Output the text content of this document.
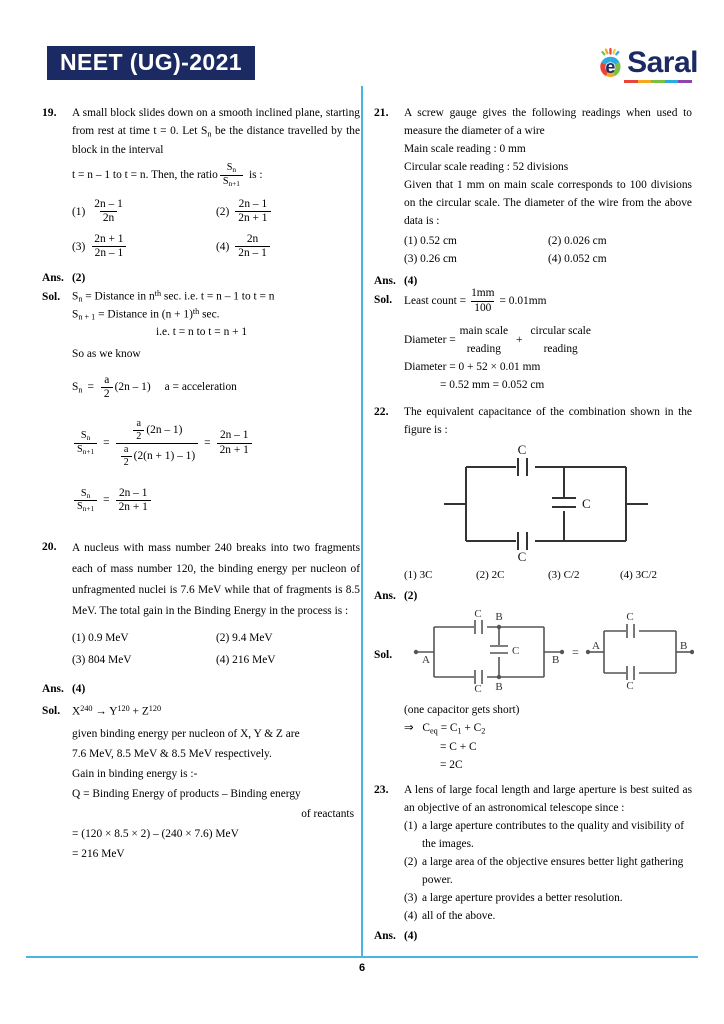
NEET (UG)-2021	e Saral
6
19.	A small block slides down on a smooth inclined plane, starting from rest at time t = 0. Let $S_n$ be the distance travelled by the block in the interval
t = n – 1 to t = n. Then, the ratio $\frac{S_n}{S_{n+1}}$ is :
$(1) \frac{2n - 1}{2n}$	$(2) \frac{2n - 1}{2n + 1}$
$(3) \frac{2n + 1}{2n - 1}$	$(4) \frac{2n}{2n - 1}$
Ans. (2)
Sol.	$S_n$ = Distance in $n^{th}$ sec. i.e. t = n – 1 to t = n
$S_{n + 1}$ = Distance in $(n + 1)^{th}$ sec.
i.e. t = n to t = n + 1
So as we know
$S_n = \frac{a}{2} (2n - 1) a$ = acceleration
$\frac{S_n}{S_{n+1}} = \frac{a}{2} (2n - 1)$
$\frac{a}{2} (2(n + 1) - 1)$
= $\frac{2n - 1}{2n + 1}$
$\frac{S_n}{S_{n+1}} = \frac{2n - 1}{2n + 1}$
20.	A nucleus with mass number 240 breaks into two fragments each of mass number 120, the binding energy per nucleon of unfragmented nuclei is 7.6 MeV while that of fragments is 8.5 MeV. The total gain in the Binding Energy in the process is :
(1) 0.9 MeV	(2) 9.4 MeV
(3) 804 MeV	(4) 216 MeV
Ans. (4)
Sol.	$X^{240} \to Y^{120} + Z^{120}$
given binding energy per nucleon of X, Y & Z are
7.6 MeV, 8.5 MeV & 8.5 MeV respectively.
Gain in binding energy is :-
Q = Binding Energy of products – Binding energy
of reactants
= (120 × 8.5 × 2) – (240 × 7.6) MeV
= 216 MeV
21.	A screw gauge gives the following readings when used to measure the diameter of a wire
Main scale reading : 0 mm
Circular scale reading : 52 divisions
Given that 1 mm on main scale corresponds to 100 divisions on the circular scale. The diameter of the wire from the above data is :
(1) 0.52 cm	(2) 0.026 cm
(3) 0.26 cm	(4) 0.052 cm
Ans. (4)
Sol.	Least count = $\frac{1mm}{100} = 0.01mm$
Diameter =
main scale
reading
+
circular scale
reading
Diameter = 0 + 52 × 0.01 mm
= 0.52 mm = 0.052 cm
22.	The equivalent capacitance of the combination shown in the figure is :
C
C
C
(1) 3C	(2) 2C	(3) C/2	(4) 3C/2
Ans. (2)
Sol.	A	B
C
C
C
B
B
= A	B
C
C
(one capacitor gets short)
⇒ $C_{eq} = C_1 + C_2$
= C + C
= 2C
23.	A lens of large focal length and large aperture is best suited as an objective of an astronomical telescope since :
(1) a large aperture contributes to the quality and visibility of the images.
(2) a large area of the objective ensures better light gathering power.
(3) a large aperture provides a better resolution.
(4) all of the above.
Ans. (4)
